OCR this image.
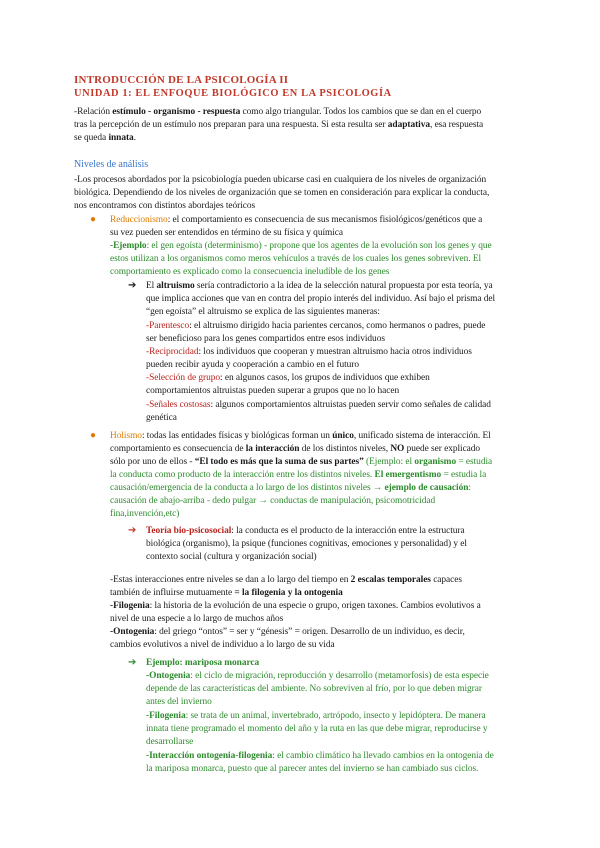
INTRODUCCIÓN DE LA PSICOLOGÍA II
UNIDAD 1: EL ENFOQUE BIOLÓGICO EN LA PSICOLOGÍA
-Relación estímulo - organismo - respuesta como algo triangular. Todos los cambios que se dan en el cuerpo
tras la percepción de un estímulo nos preparan para una respuesta. Si esta resulta ser adaptativa, esa respuesta
se queda innata.
Niveles de análisis
-Los procesos abordados por la psicobiología pueden ubicarse casi en cualquiera de los niveles de organización
biológica. Dependiendo de los niveles de organización que se tomen en consideración para explicar la conducta,
nos encontramos con distintos abordajes teóricos
● Reduccionismo: el comportamiento es consecuencia de sus mecanismos fisiológicos/genéticos que a
su vez pueden ser entendidos en término de su física y química
-Ejemplo: el gen egoísta (determinismo) - propone que los agentes de la evolución son los genes y que
estos utilizan a los organismos como meros vehículos a través de los cuales los genes sobreviven. El
comportamiento es explicado como la consecuencia ineludible de los genes
➔ El altruismo sería contradictorio a la idea de la selección natural propuesta por esta teoría, ya
que implica acciones que van en contra del propio interés del individuo. Así bajo el prisma del
“gen egoísta” el altruismo se explica de las siguientes maneras:
-Parentesco: el altruismo dirigido hacia parientes cercanos, como hermanos o padres, puede
ser beneficioso para los genes compartidos entre esos individuos
-Reciprocidad: los individuos que cooperan y muestran altruismo hacia otros individuos
pueden recibir ayuda y cooperación a cambio en el futuro
-Selección de grupo: en algunos casos, los grupos de individuos que exhiben
comportamientos altruistas pueden superar a grupos que no lo hacen
-Señales costosas: algunos comportamientos altruistas pueden servir como señales de calidad
genética
● Holismo: todas las entidades físicas y biológicas forman un único, unificado sistema de interacción. El
comportamiento es consecuencia de la interacción de los distintos niveles, NO puede ser explicado
sólo por uno de ellos - “El todo es más que la suma de sus partes” (Ejemplo: el organismo = estudia
la conducta como producto de la interacción entre los distintos niveles. El emergentismo = estudia la
causación/emergencia de la conducta a lo largo de los distintos niveles → ejemplo de causación:
causación de abajo-arriba - dedo pulgar → conductas de manipulación, psicomotricidad
fina,invención,etc)
➔ Teoría bio-psicosocial: la conducta es el producto de la interacción entre la estructura
biológica (organismo), la psique (funciones cognitivas, emociones y personalidad) y el
contexto social (cultura y organización social)
-Estas interacciones entre niveles se dan a lo largo del tiempo en 2 escalas temporales capaces
también de influirse mutuamente = la filogenia y la ontogenia
-Filogenia: la historia de la evolución de una especie o grupo, origen taxones. Cambios evolutivos a
nivel de una especie a lo largo de muchos años
-Ontogenia: del griego “ontos” = ser y “génesis” = origen. Desarrollo de un individuo, es decir,
cambios evolutivos a nivel de individuo a lo largo de su vida
➔ Ejemplo: mariposa monarca
-Ontogenia: el ciclo de migración, reproducción y desarrollo (metamorfosis) de esta especie
depende de las características del ambiente. No sobreviven al frío, por lo que deben migrar
antes del invierno
-Filogenia: se trata de un animal, invertebrado, artrópodo, insecto y lepidóptera. De manera
innata tiene programado el momento del año y la ruta en las que debe migrar, reproducirse y
desarrollarse
-Interacción ontogenia-filogenia: el cambio climático ha llevado cambios en la ontogenia de
la mariposa monarca, puesto que al parecer antes del invierno se han cambiado sus ciclos.
